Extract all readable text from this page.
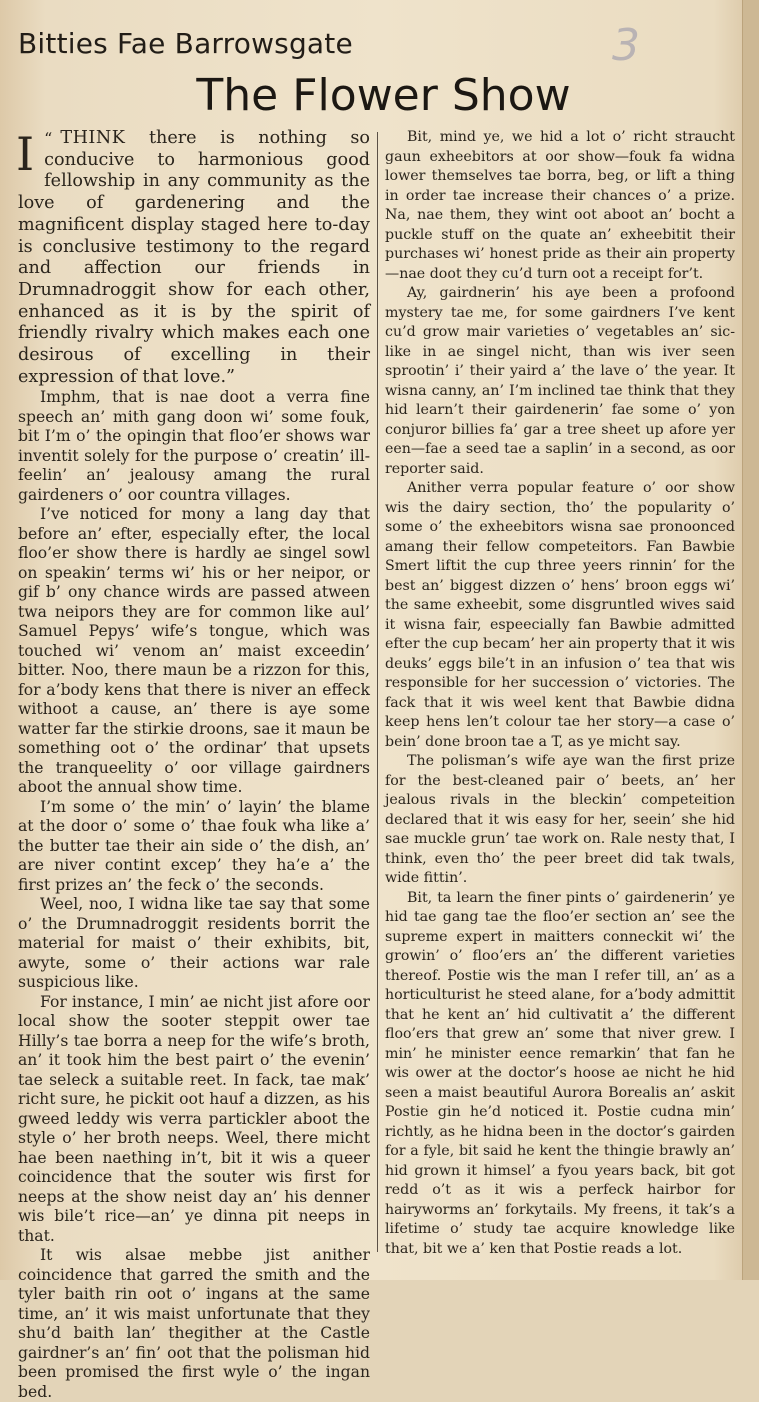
3
Bitties Fae Barrowsgate
The Flower Show

“
I THINK there is nothing so conducive to harmonious good fellowship in any community as the love of gardenering and the magnificent display staged here to-day is conclusive testimony to the regard and affection our friends in Drumnadroggit show for each other, enhanced as it is by the spirit of friendly rivalry which makes each one desirous of excelling in their expression of that love.”

Imphm, that is nae doot a verra fine speech an’ mith gang doon wi’ some fouk, bit I’m o’ the opingin that floo’er shows war inventit solely for the purpose o’ creatin’ ill-feelin’ an’ jealousy amang the rural gairdeners o’ oor countra villages.

I’ve noticed for mony a lang day that before an’ efter, especially efter, the local floo’er show there is hardly ae singel sowl on speakin’ terms wi’ his or her neipor, or gif b’ ony chance wirds are passed atween twa neipors they are for common like aul’ Samuel Pepys’ wife’s tongue, which was touched wi’ venom an’ maist exceedin’ bitter. Noo, there maun be a rizzon for this, for a’body kens that there is niver an effeck withoot a cause, an’ there is aye some watter far the stirkie droons, sae it maun be something oot o’ the ordinar’ that upsets the tranqueelity o’ oor village gairdners aboot the annual show time.

I’m some o’ the min’ o’ layin’ the blame at the door o’ some o’ thae fouk wha like a’ the butter tae their ain side o’ the dish, an’ are niver contint excep’ they ha’e a’ the first prizes an’ the feck o’ the seconds.

Weel, noo, I widna like tae say that some o’ the Drumnadroggit residents borrit the material for maist o’ their exhibits, bit, awyte, some o’ their actions war rale suspicious like.

For instance, I min’ ae nicht jist afore oor local show the sooter steppit ower tae Hilly’s tae borra a neep for the wife’s broth, an’ it took him the best pairt o’ the evenin’ tae seleck a suitable reet. In fack, tae mak’ richt sure, he pickit oot hauf a dizzen, as his gweed leddy wis verra partickler aboot the style o’ her broth neeps. Weel, there micht hae been naething in’t, bit it wis a queer coincidence that the souter wis first for neeps at the show neist day an’ his denner wis bile’t rice—an’ ye dinna pit neeps in that.

It wis alsae mebbe jist anither coincidence that garred the smith and the tyler baith rin oot o’ ingans at the same time, an’ it wis maist unfortunate that they shu’d baith lan’ thegither at the Castle gairdner’s an’ fin’ oot that the polisman hid been promised the first wyle o’ the ingan bed.

Bit, mind ye, we hid a lot o’ richt straucht gaun exheebitors at oor show—fouk fa widna lower themselves tae borra, beg, or lift a thing in order tae increase their chances o’ a prize. Na, nae them, they wint oot aboot an’ bocht a puckle stuff on the quate an’ exheebitit their purchases wi’ honest pride as their ain property—nae doot they cu’d turn oot a receipt for’t.

Ay, gairdnerin’ his aye been a profoond mystery tae me, for some gairdners I’ve kent cu’d grow mair varieties o’ vegetables an’ sic-like in ae singel nicht, than wis iver seen sprootin’ i’ their yaird a’ the lave o’ the year. It wisna canny, an’ I’m inclined tae think that they hid learn’t their gairdenerin’ fae some o’ yon conjuror billies fa’ gar a tree sheet up afore yer een—fae a seed tae a saplin’ in a second, as oor reporter said.

Anither verra popular feature o’ oor show wis the dairy section, tho’ the popularity o’ some o’ the exheebitors wisna sae pronoonced amang their fellow competeitors. Fan Bawbie Smert liftit the cup three yeers rinnin’ for the best an’ biggest dizzen o’ hens’ broon eggs wi’ the same exheebit, some disgruntled wives said it wisna fair, espeecially fan Bawbie admitted efter the cup becam’ her ain property that it wis deuks’ eggs bile’t in an infusion o’ tea that wis responsible for her succession o’ victories. The fack that it wis weel kent that Bawbie didna keep hens len’t colour tae her story—a case o’ bein’ done broon tae a T, as ye micht say.

The polisman’s wife aye wan the first prize for the best-cleaned pair o’ beets, an’ her jealous rivals in the bleckin’ competeition declared that it wis easy for her, seein’ she hid sae muckle grun’ tae work on. Rale nesty that, I think, even tho’ the peer breet did tak twals, wide fittin’.

Bit, ta learn the finer pints o’ gairdenerin’ ye hid tae gang tae the floo’er section an’ see the supreme expert in maitters conneckit wi’ the growin’ o’ floo’ers an’ the different varieties thereof. Postie wis the man I refer till, an’ as a horticulturist he steed alane, for a’body admittit that he kent an’ hid cultivatit a’ the different floo’ers that grew an’ some that niver grew. I min’ he minister eence remarkin’ that fan he wis ower at the doctor’s hoose ae nicht he hid seen a maist beautiful Aurora Borealis an’ askit Postie gin he’d noticed it. Postie cudna min’ richtly, as he hidna been in the doctor’s gairden for a fyle, bit said he kent the thingie brawly an’ hid grown it himsel’ a fyou years back, bit got redd o’t as it wis a perfeck hairbor for hairyworms an’ forkytails. My freens, it tak’s a lifetime o’ study tae acquire knowledge like that, bit we a’ ken that Postie reads a lot.
